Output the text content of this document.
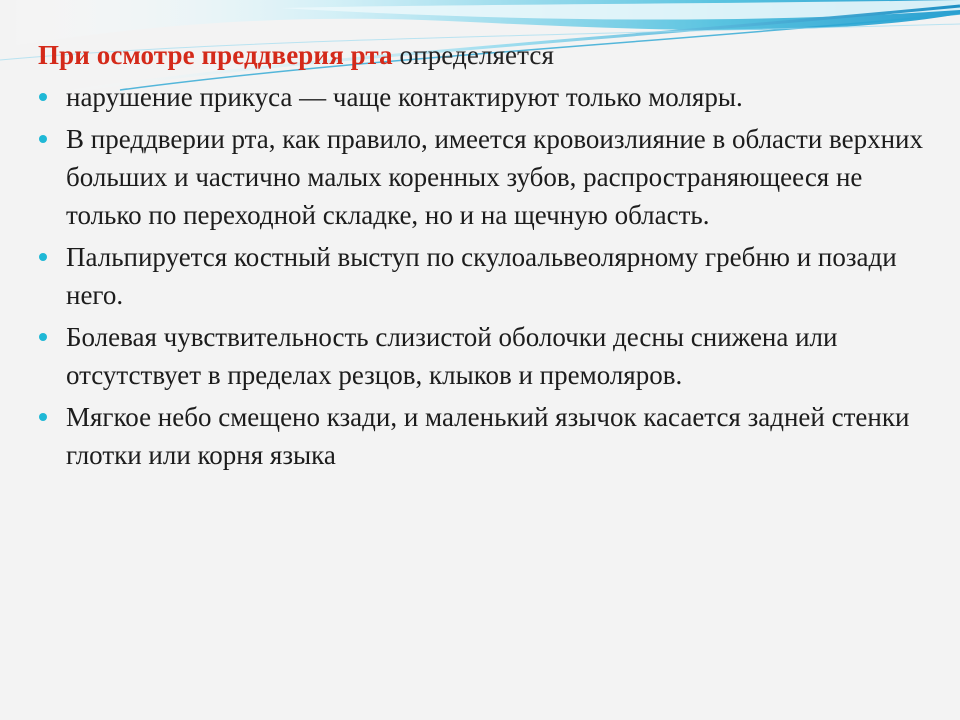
При осмотре преддверия рта определяется

нарушение прикуса — чаще контактируют только моляры.
В преддверии рта, как правило, имеется кровоизлияние в области верхних больших и частично малых коренных зубов, распространяющееся не только по переходной складке, но и на щечную область.
Пальпируется костный выступ по скулоальвеолярному гребню и позади него.
Болевая чувствительность слизистой оболочки десны снижена или отсутствует в пределах резцов, клыков и премоляров.
Мягкое небо смещено кзади, и маленький язычок касается задней стенки глотки или корня языка
